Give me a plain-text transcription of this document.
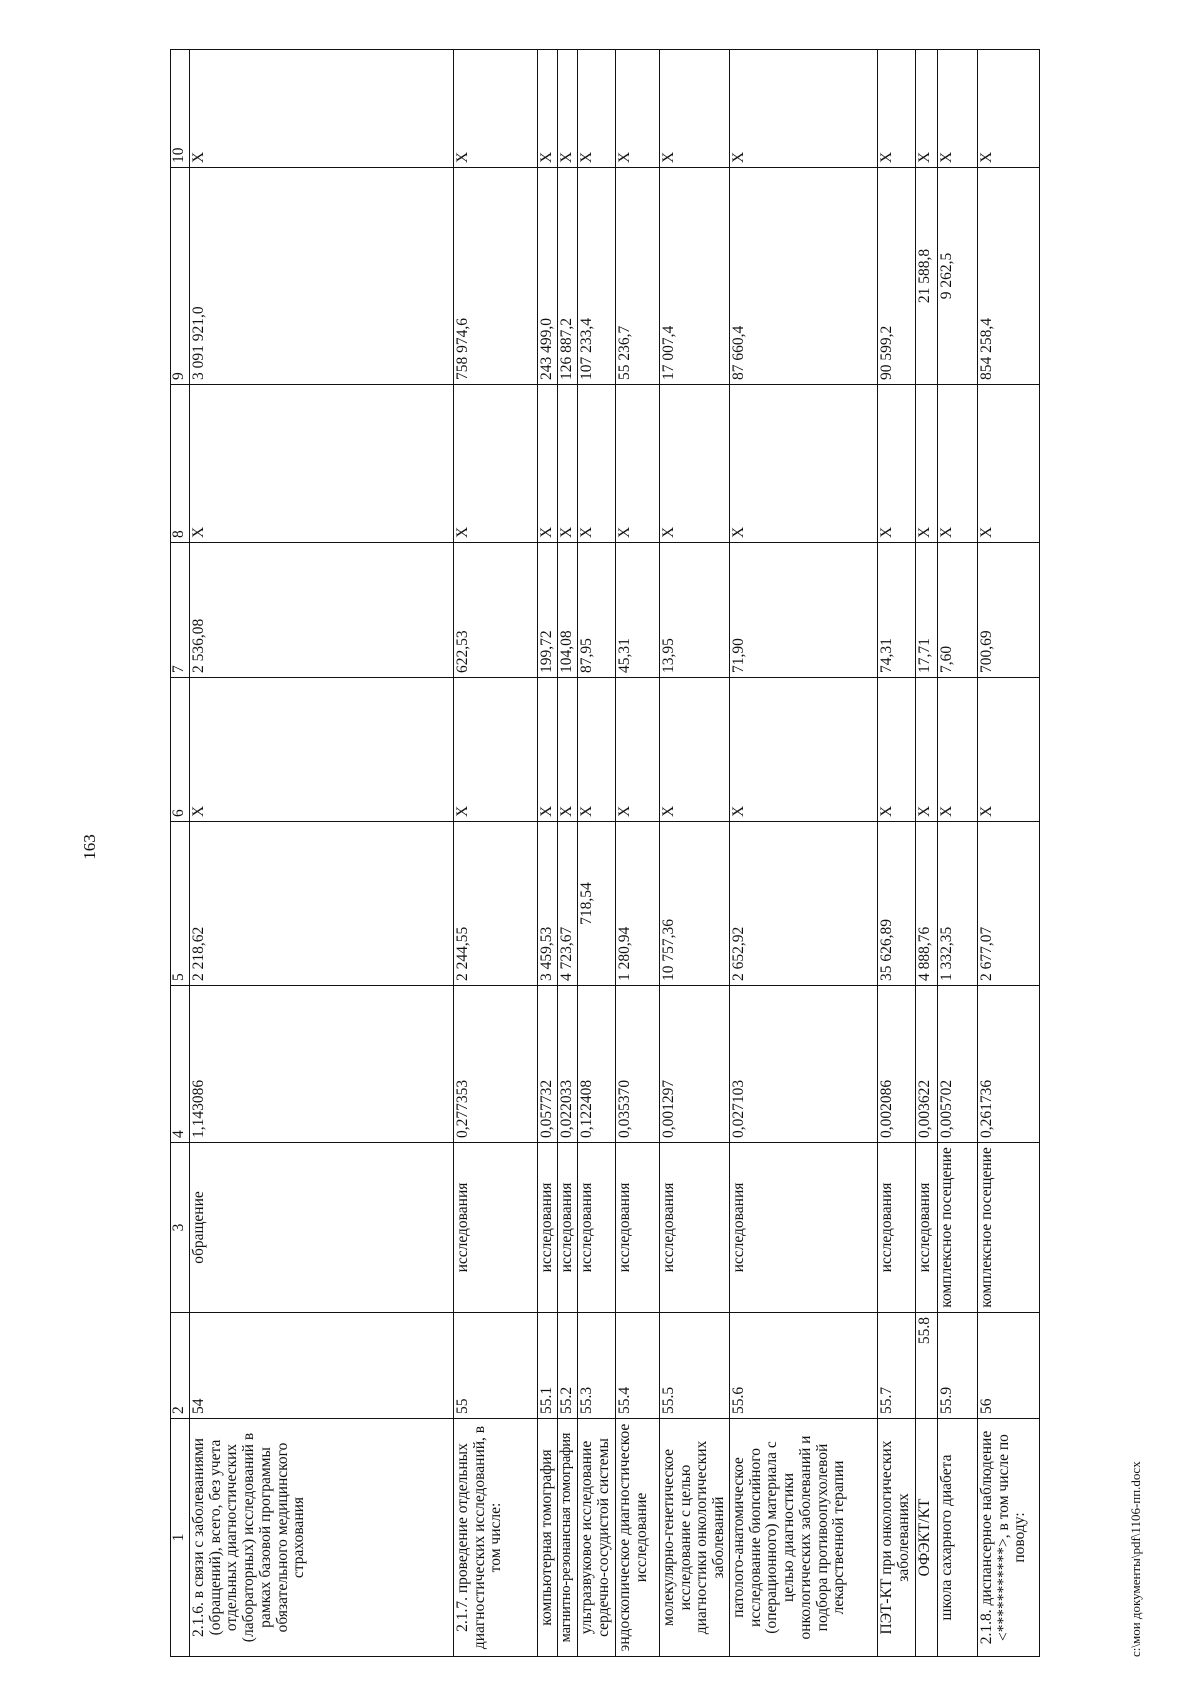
163
1	2	3	4	5	6	7	8	9	10
2.1.6. в связи с заболеваниями (обращений), всего, без учета отдельных диагностических (лабораторных) исследований в рамках базовой программы обязательного медицинского страхования	54	обращение	1,143086	2 218,62	X	2 536,08	X	3 091 921,0	X
2.1.7. проведение отдельных диагностических исследований, в том числе:	55	исследования	0,277353	2 244,55	X	622,53	X	758 974,6	X
компьютерная томография	55.1	исследования	0,057732	3 459,53	X	199,72	X	243 499,0	X
магнитно-резонансная томография	55.2	исследования	0,022033	4 723,67	X	104,08	X	126 887,2	X
ультразвуковое исследование сердечно-сосудистой системы	55.3	исследования	0,122408	718,54	X	87,95	X	107 233,4	X
эндоскопическое диагностическое исследование	55.4	исследования	0,035370	1 280,94	X	45,31	X	55 236,7	X
молекулярно-генетическое исследование с целью диагностики онкологических заболеваний	55.5	исследования	0,001297	10 757,36	X	13,95	X	17 007,4	X
патолого-анатомическое исследование биопсийного (операционного) материала с целью диагностики онкологических заболеваний и подбора противоопухолевой лекарственной терапии	55.6	исследования	0,027103	2 652,92	X	71,90	X	87 660,4	X
ПЭТ-КТ при онкологических заболеваниях	55.7	исследования	0,002086	35 626,89	X	74,31	X	90 599,2	X
ОФЭКТ/КТ	55.8	исследования	0,003622	4 888,76	X	17,71	X	21 588,8	X
школа сахарного диабета	55.9	комплексное посещение	0,005702	1 332,35	X	7,60	X	9 262,5	X
2.1.8. диспансерное наблюдение <***********>, в том числе по поводу:	56	комплексное посещение	0,261736	2 677,07	X	700,69	X	854 258,4	X
c:\мои документы\pdf\1106-пп.docx
